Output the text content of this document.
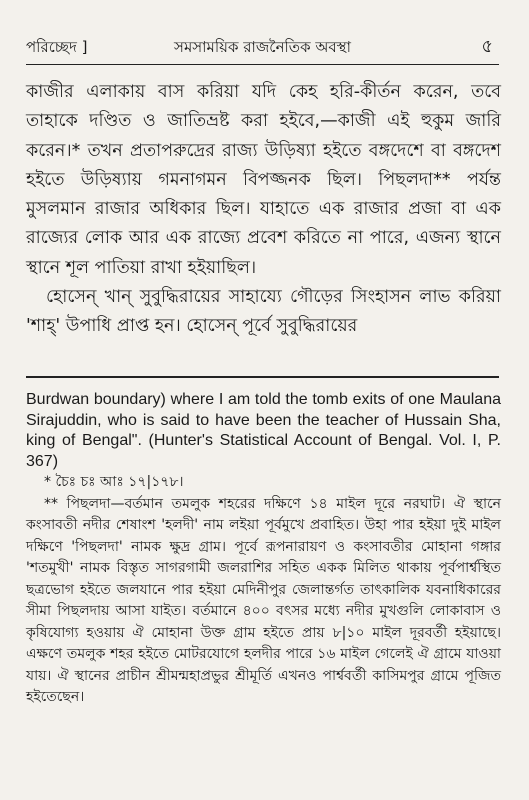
পরিচ্ছেদ ]	সমসাময়িক রাজনৈতিক অবস্থা	৫

কাজীর এলাকায় বাস করিয়া যদি কেহ হরি-কীর্তন করেন, তবে তাহাকে দণ্ডিত ও জাতিভ্রষ্ট করা হইবে,—কাজী এই হুকুম জারি করেন।* তখন প্রতাপরুদ্রের রাজ্য উড়িষ্যা হইতে বঙ্গদেশে বা বঙ্গদেশ হইতে উড়িষ্যায় গমনাগমন বিপজ্জনক ছিল। পিছলদা** পর্যন্ত মুসলমান রাজার অধিকার ছিল। যাহাতে এক রাজার প্রজা বা এক রাজ্যের লোক আর এক রাজ্যে প্রবেশ করিতে না পারে, এজন্য স্থানে স্থানে শূল পাতিয়া রাখা হইয়াছিল।

হোসেন্ খান্ সুবুদ্ধিরায়ের সাহায্যে গৌড়ের সিংহাসন লাভ করিয়া 'শাহ্' উপাধি প্রাপ্ত হন। হোসেন্ পূর্বে সুবুদ্ধিরায়ের

Burdwan boundary) where I am told the tomb exits of one Maulana Sirajuddin, who is said to have been the teacher of Hussain Sha, king of Bengal". (Hunter's Statistical Account of Bengal. Vol. I, P. 367)

* চৈঃ চঃ আঃ ১৭|১৭৮।

** পিছলদা—বর্তমান তমলুক শহরের দক্ষিণে ১৪ মাইল দূরে নরঘাট। ঐ স্থানে কংসাবতী নদীর শেষাংশ 'হলদী' নাম লইয়া পূর্বমুখে প্রবাহিত। উহা পার হইয়া দুই মাইল দক্ষিণে 'পিছলদা' নামক ক্ষুদ্র গ্রাম। পূর্বে রূপনারায়ণ ও কংসাবতীর মোহানা গঙ্গার 'শতমুখী' নামক বিস্তৃত সাগরগামী জলরাশির সহিত একক মিলিত থাকায় পূর্বপার্শ্বস্থিত ছত্রভোগ হইতে জলযানে পার হইয়া মেদিনীপুর জেলান্তর্গত তাৎকালিক যবনাধিকারের সীমা পিছলদায় আসা যাইত। বর্তমানে ৪০০ বৎসর মধ্যে নদীর মুখগুলি লোকাবাস ও কৃষিযোগ্য হওয়ায় ঐ মোহানা উক্ত গ্রাম হইতে প্রায় ৮|১০ মাইল দূরবর্তী হইয়াছে। এক্ষণে তমলুক শহর হইতে মোটরযোগে হলদীর পারে ১৬ মাইল গেলেই ঐ গ্রামে যাওয়া যায়। ঐ স্থানের প্রাচীন শ্রীমন্মহাপ্রভুর শ্রীমূর্তি এখনও পার্শ্ববর্তী কাসিমপুর গ্রামে পূজিত হইতেছেন।
